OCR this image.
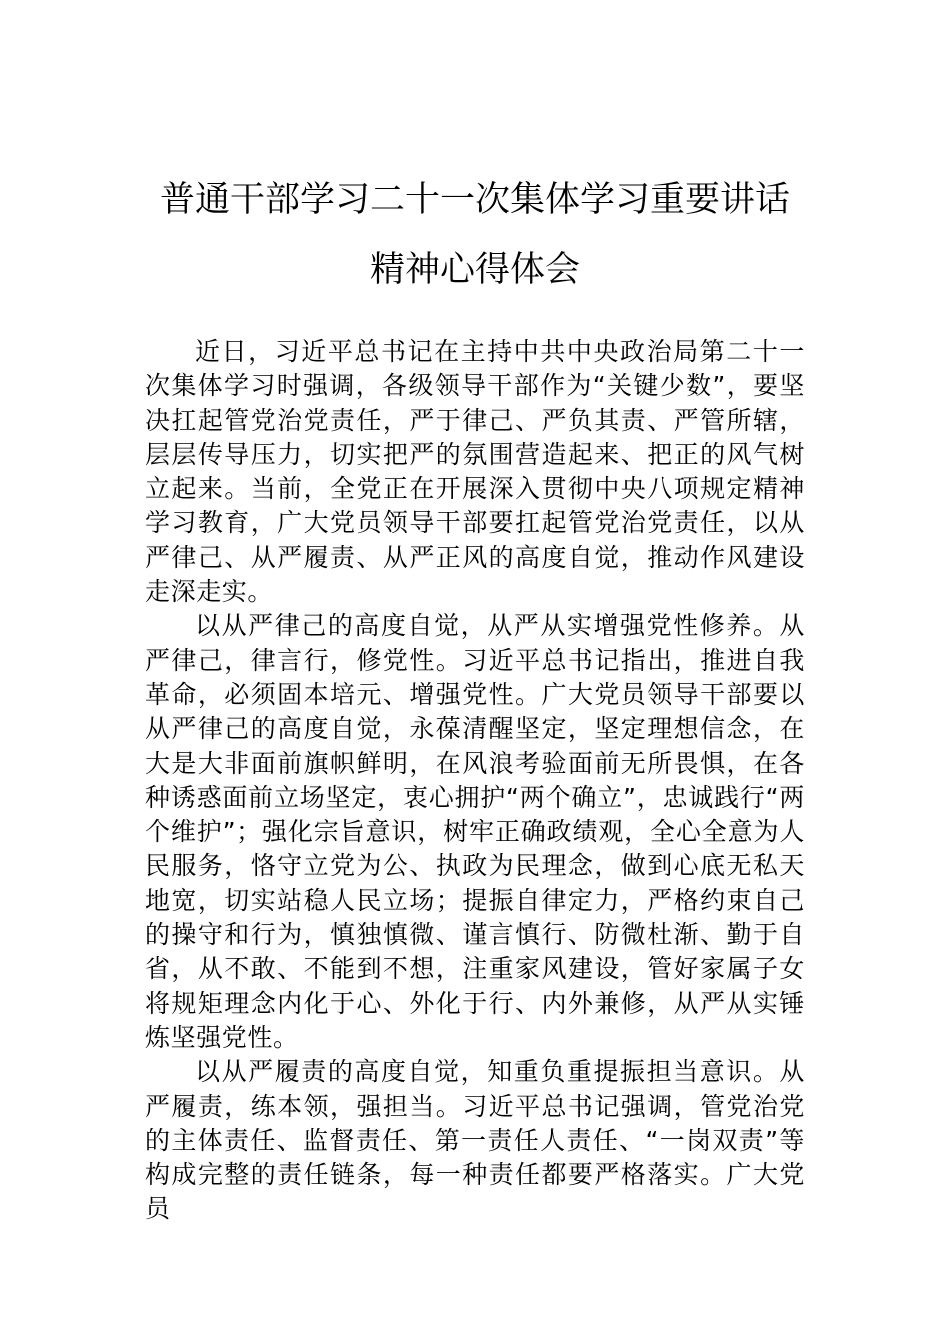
普通干部学习二十一次集体学习重要讲话
精神心得体会

近日，习近平总书记在主持中共中央政治局第二十一次集体学习时强调，各级领导干部作为“关键少数”，要坚决扛起管党治党责任，严于律己、严负其责、严管所辖，层层传导压力，切实把严的氛围营造起来、把正的风气树立起来。当前，全党正在开展深入贯彻中央八项规定精神学习教育，广大党员领导干部要扛起管党治党责任，以从严律己、从严履责、从严正风的高度自觉，推动作风建设走深走实。

以从严律己的高度自觉，从严从实增强党性修养。从严律己，律言行，修党性。习近平总书记指出，推进自我革命，必须固本培元、增强党性。广大党员领导干部要以从严律己的高度自觉，永葆清醒坚定，坚定理想信念，在大是大非面前旗帜鲜明，在风浪考验面前无所畏惧，在各种诱惑面前立场坚定，衷心拥护“两个确立”，忠诚践行“两个维护”；强化宗旨意识，树牢正确政绩观，全心全意为人民服务，恪守立党为公、执政为民理念，做到心底无私天地宽，切实站稳人民立场；提振自律定力，严格约束自己的操守和行为，慎独慎微、谨言慎行、防微杜渐、勤于自省，从不敢、不能到不想，注重家风建设，管好家属子女将规矩理念内化于心、外化于行、内外兼修，从严从实锤炼坚强党性。

以从严履责的高度自觉，知重负重提振担当意识。从严履责，练本领，强担当。习近平总书记强调，管党治党的主体责任、监督责任、第一责任人责任、“一岗双责”等构成完整的责任链条，每一种责任都要严格落实。广大党员
